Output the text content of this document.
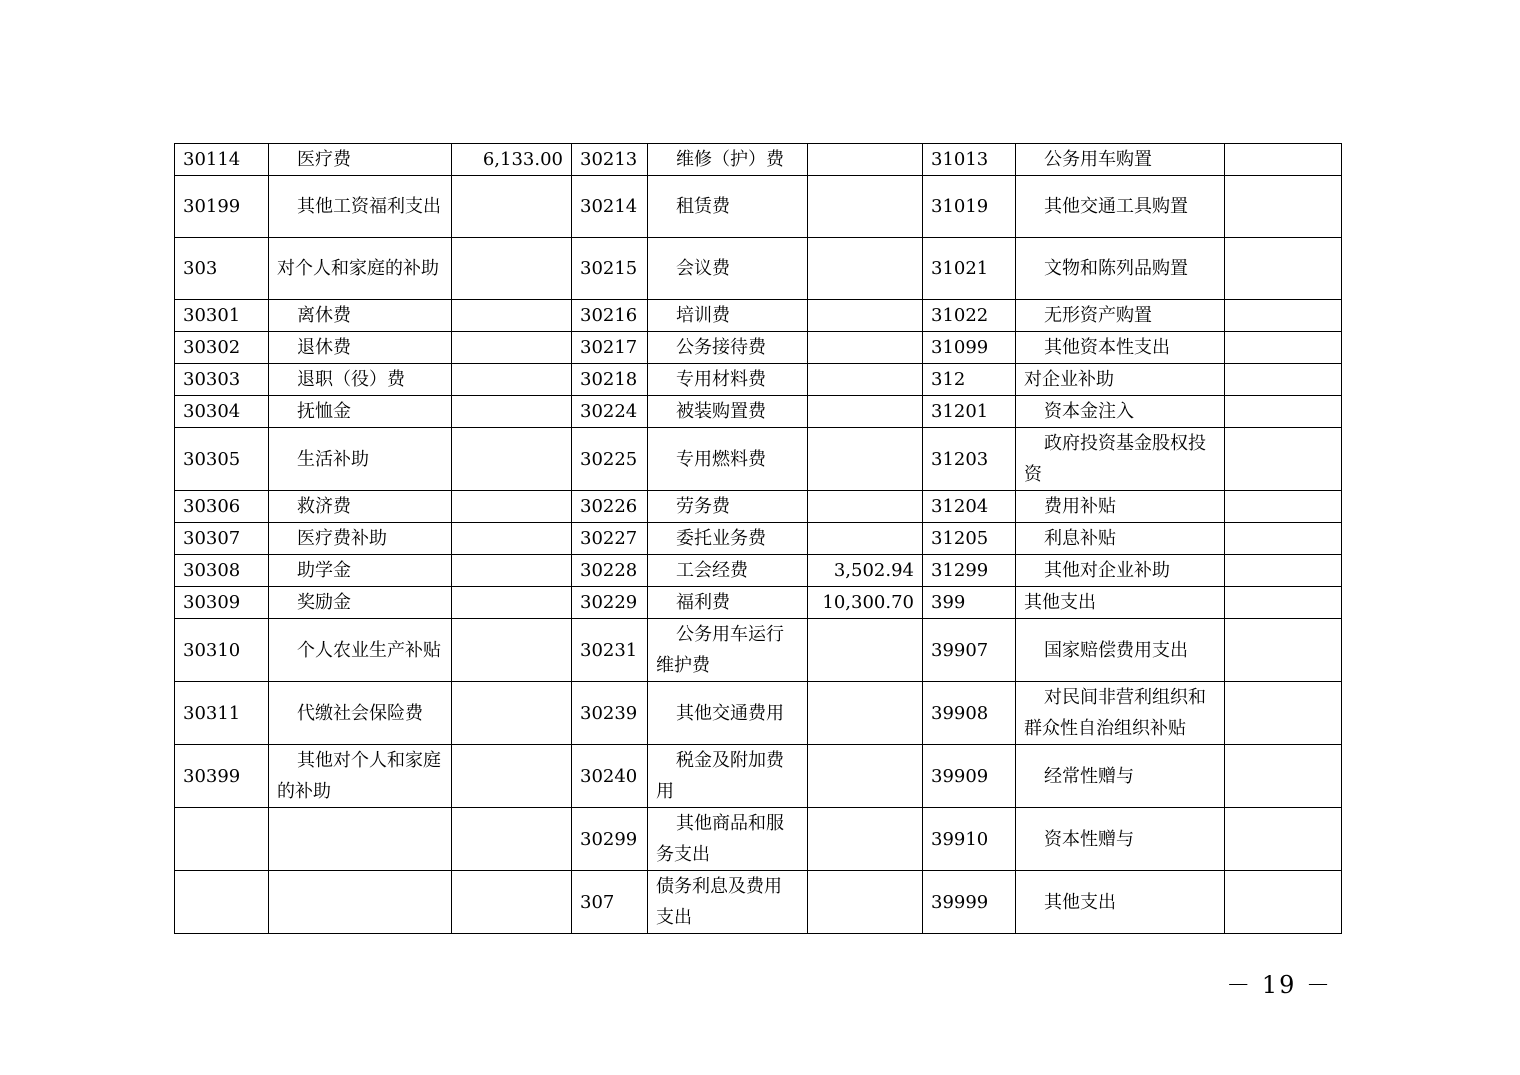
30114	医疗费	6,133.00	30213	维修（护）费		31013	公务用车购置	
30199	其他工资福利支出		30214	租赁费		31019	其他交通工具购置	
303	对个人和家庭的补助		30215	会议费		31021	文物和陈列品购置	
30301	离休费		30216	培训费		31022	无形资产购置	
30302	退休费		30217	公务接待费		31099	其他资本性支出	
30303	退职（役）费		30218	专用材料费		312	对企业补助	
30304	抚恤金		30224	被装购置费		31201	资本金注入	
30305	生活补助		30225	专用燃料费		31203	政府投资基金股权投资	
30306	救济费		30226	劳务费		31204	费用补贴	
30307	医疗费补助		30227	委托业务费		31205	利息补贴	
30308	助学金		30228	工会经费	3,502.94	31299	其他对企业补助	
30309	奖励金		30229	福利费	10,300.70	399	其他支出	
30310	个人农业生产补贴		30231	公务用车运行维护费		39907	国家赔偿费用支出	
30311	代缴社会保险费		30239	其他交通费用		39908	对民间非营利组织和群众性自治组织补贴	
30399	其他对个人和家庭的补助		30240	税金及附加费用		39909	经常性赠与	
			30299	其他商品和服务支出		39910	资本性赠与	
			307	债务利息及费用支出		39999	其他支出	
－ 19 －
